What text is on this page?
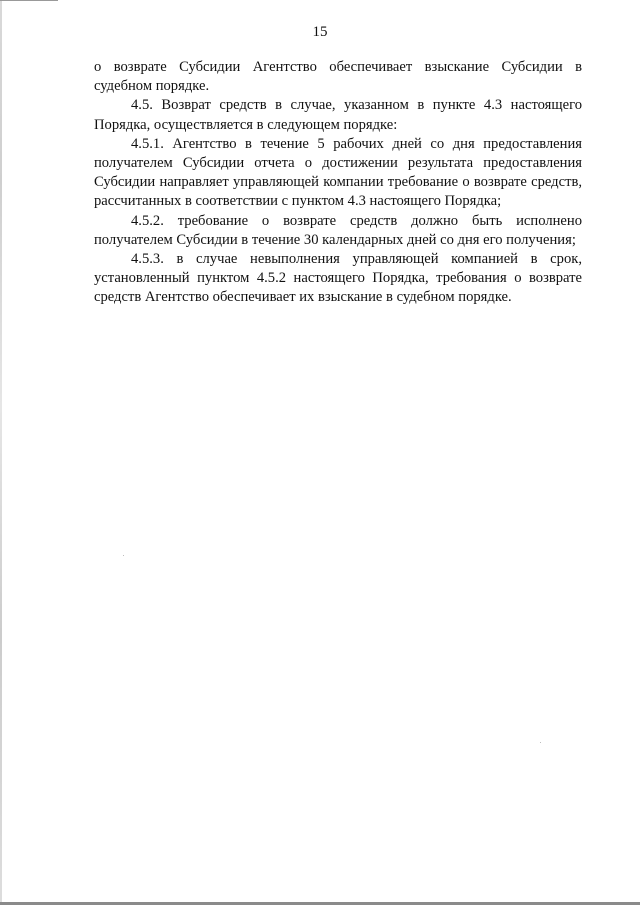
15

о возврате Субсидии Агентство обеспечивает взыскание Субсидии в судебном порядке.

4.5. Возврат средств в случае, указанном в пункте 4.3 настоящего Порядка, осуществляется в следующем порядке:

4.5.1. Агентство в течение 5 рабочих дней со дня предоставления получателем Субсидии отчета о достижении результата предоставления Субсидии направляет управляющей компании требование о возврате средств, рассчитанных в соответствии с пунктом 4.3 настоящего Порядка;

4.5.2. требование о возврате средств должно быть исполнено получателем Субсидии в течение 30 календарных дней со дня его получения;

4.5.3. в случае невыполнения управляющей компанией в срок, установленный пунктом 4.5.2 настоящего Порядка, требования о возврате средств Агентство обеспечивает их взыскание в судебном порядке.
